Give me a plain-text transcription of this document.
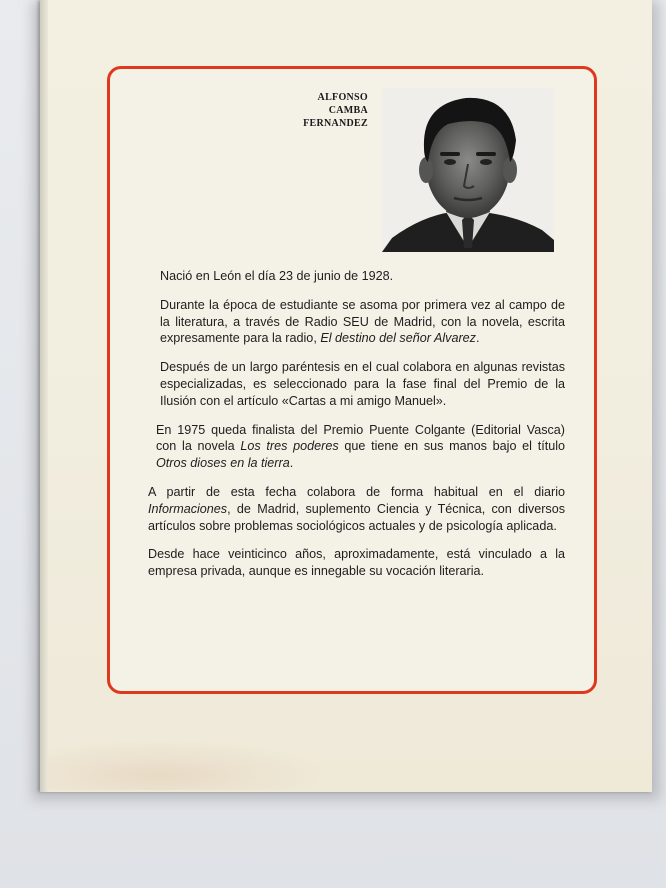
ALFONSO
CAMBA
FERNANDEZ

Nació en León el día 23 de junio de 1928.

Durante la época de estudiante se asoma por primera vez al campo de la literatura, a través de Radio SEU de Madrid, con la novela, escrita expresamente para la radio, El destino del señor Alvarez.

Después de un largo paréntesis en el cual colabora en algunas revistas especializadas, es seleccionado para la fase final del Premio de la Ilusión con el artículo «Cartas a mi amigo Manuel».

En 1975 queda finalista del Premio Puente Colgante (Editorial Vasca) con la novela Los tres poderes que tiene en sus manos bajo el título Otros dioses en la tierra.

A partir de esta fecha colabora de forma habitual en el diario Informaciones, de Madrid, suplemento Ciencia y Técnica, con diversos artículos sobre problemas sociológicos actuales y de psicología aplicada.

Desde hace veinticinco años, aproximadamente, está vinculado a la empresa privada, aunque es innegable su vocación literaria.
